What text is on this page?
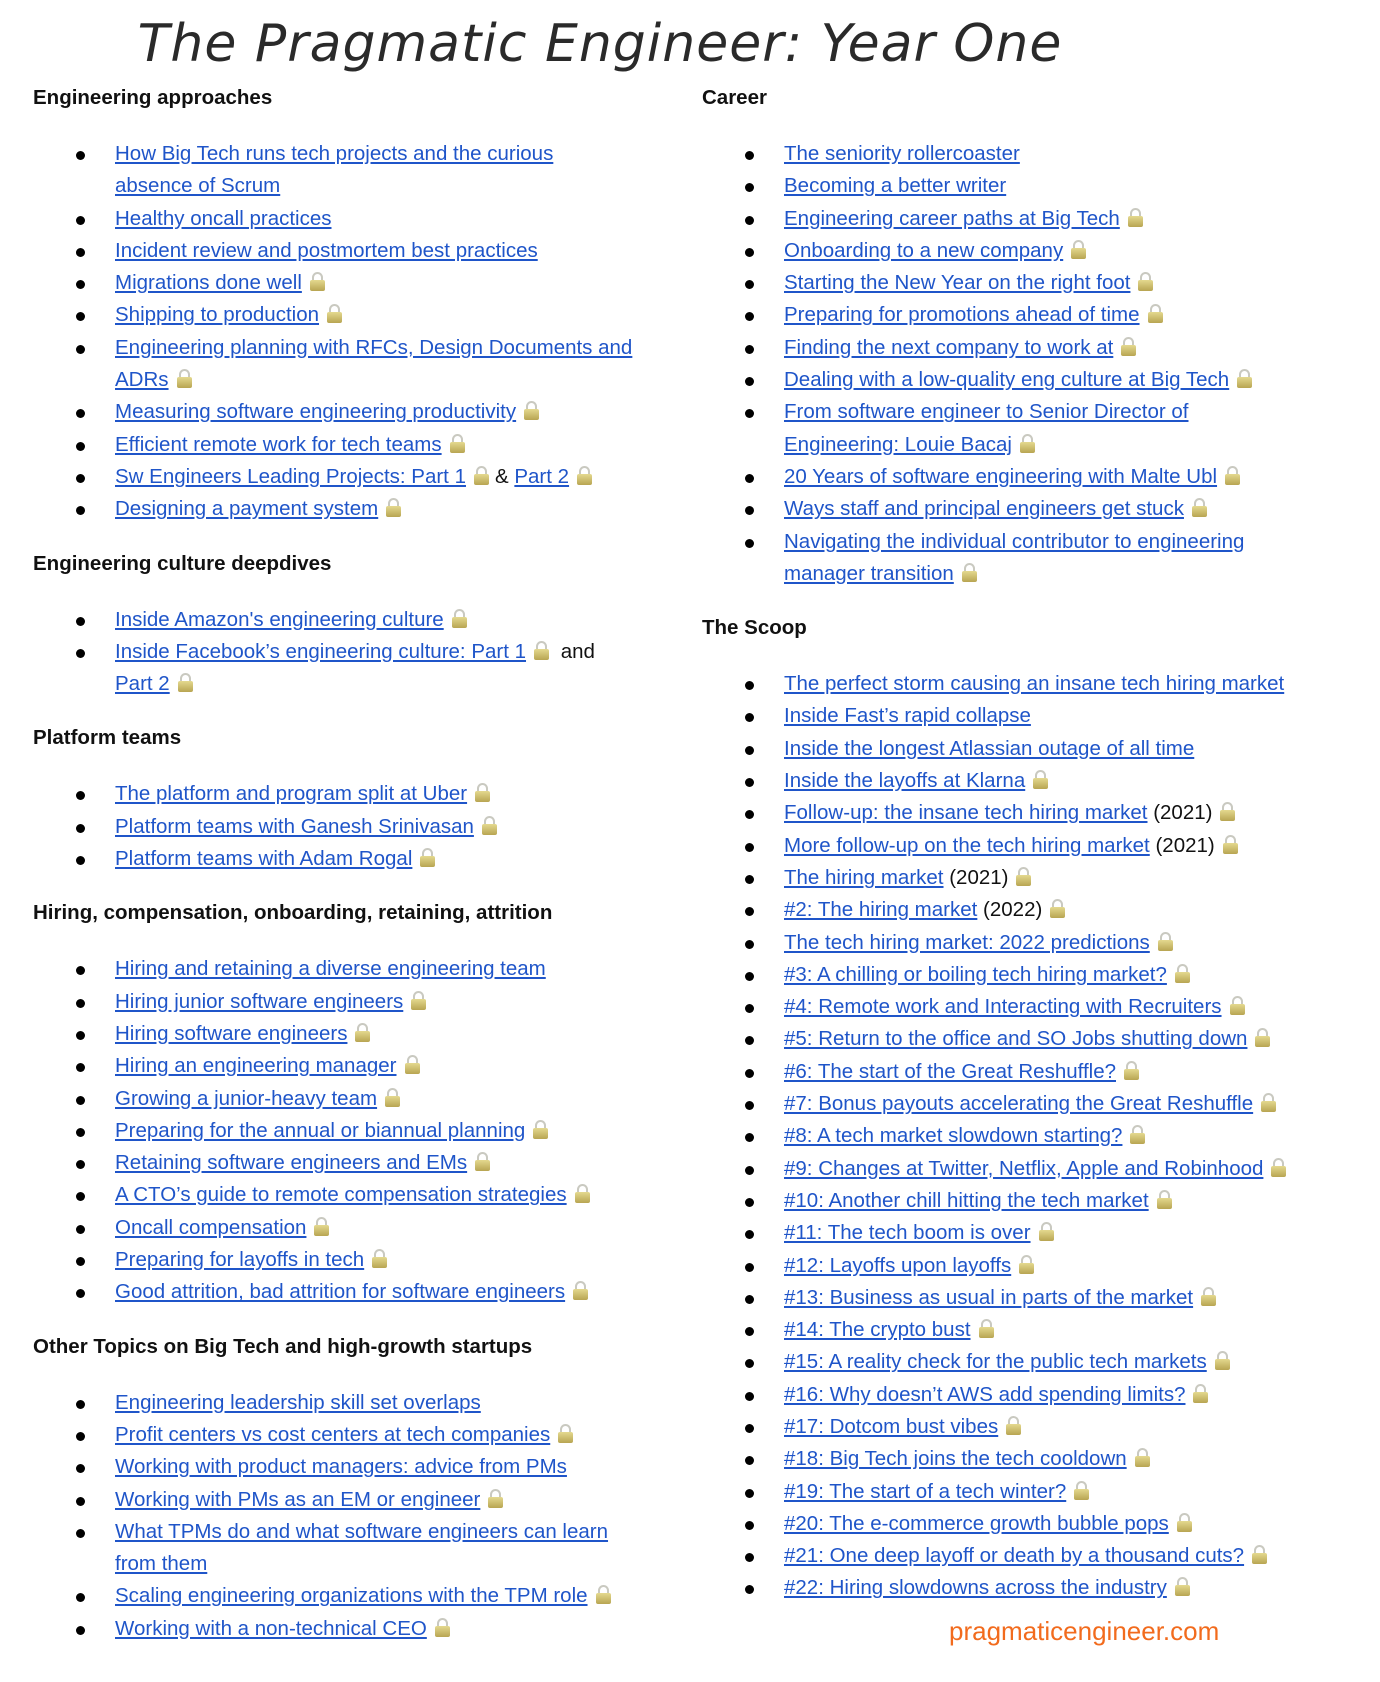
The Pragmatic Engineer: Year One
Engineering approaches
How Big Tech runs tech projects and the curious
absence of Scrum
Healthy oncall practices
Incident review and postmortem best practices
Migrations done well
Shipping to production
Engineering planning with RFCs, Design Documents and
ADRs
Measuring software engineering productivity
Efficient remote work for tech teams
Sw Engineers Leading Projects: Part 1 & Part 2
Designing a payment system
Engineering culture deepdives
Inside Amazon's engineering culture
Inside Facebook’s engineering culture: Part 1 and
Part 2
Platform teams
The platform and program split at Uber
Platform teams with Ganesh Srinivasan
Platform teams with Adam Rogal
Hiring, compensation, onboarding, retaining, attrition
Hiring and retaining a diverse engineering team
Hiring junior software engineers
Hiring software engineers
Hiring an engineering manager
Growing a junior-heavy team
Preparing for the annual or biannual planning
Retaining software engineers and EMs
A CTO’s guide to remote compensation strategies
Oncall compensation
Preparing for layoffs in tech
Good attrition, bad attrition for software engineers
Other Topics on Big Tech and high-growth startups
Engineering leadership skill set overlaps
Profit centers vs cost centers at tech companies
Working with product managers: advice from PMs
Working with PMs as an EM or engineer
What TPMs do and what software engineers can learn
from them
Scaling engineering organizations with the TPM role
Working with a non-technical CEO
Career
The seniority rollercoaster
Becoming a better writer
Engineering career paths at Big Tech
Onboarding to a new company
Starting the New Year on the right foot
Preparing for promotions ahead of time
Finding the next company to work at
Dealing with a low-quality eng culture at Big Tech
From software engineer to Senior Director of
Engineering: Louie Bacaj
20 Years of software engineering with Malte Ubl
Ways staff and principal engineers get stuck
Navigating the individual contributor to engineering
manager transition
The Scoop
The perfect storm causing an insane tech hiring market
Inside Fast’s rapid collapse
Inside the longest Atlassian outage of all time
Inside the layoffs at Klarna
Follow-up: the insane tech hiring market (2021)
More follow-up on the tech hiring market (2021)
The hiring market (2021)
#2: The hiring market (2022)
The tech hiring market: 2022 predictions
#3: A chilling or boiling tech hiring market?
#4: Remote work and Interacting with Recruiters
#5: Return to the office and SO Jobs shutting down
#6: The start of the Great Reshuffle?
#7: Bonus payouts accelerating the Great Reshuffle
#8: A tech market slowdown starting?
#9: Changes at Twitter, Netflix, Apple and Robinhood
#10: Another chill hitting the tech market
#11: The tech boom is over
#12: Layoffs upon layoffs
#13: Business as usual in parts of the market
#14: The crypto bust
#15: A reality check for the public tech markets
#16: Why doesn’t AWS add spending limits?
#17: Dotcom bust vibes
#18: Big Tech joins the tech cooldown
#19: The start of a tech winter?
#20: The e-commerce growth bubble pops
#21: One deep layoff or death by a thousand cuts?
#22: Hiring slowdowns across the industry
pragmaticengineer.com
